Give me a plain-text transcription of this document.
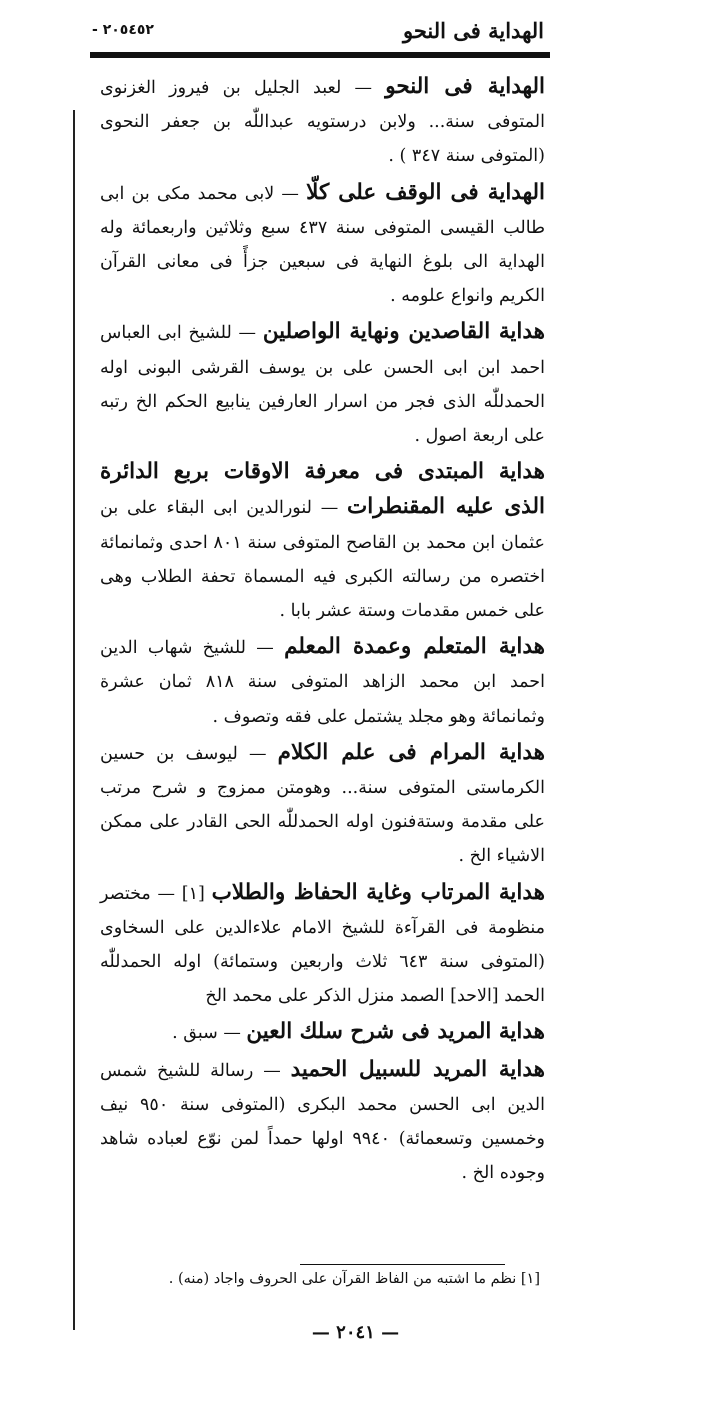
الهداية فى النحو
- ٢٠٥٤٥٢

الهداية فى النحو — لعبد الجليل بن فيروز الغزنوى المتوفى سنة... ولابن درستويه عبداللّٰه بن جعفر النحوى (المتوفى سنة ٣٤٧ ) .

الهداية فى الوقف على كلّا — لابى محمد مكى بن ابى طالب القيسى المتوفى سنة ٤٣٧ سبع وثلاثين واربعمائة وله الهداية الى بلوغ النهاية فى سبعين جزأً فى معانى القرآن الكريم وانواع علومه .

هداية القاصدين ونهاية الواصلين — للشيخ ابى العباس احمد ابن ابى الحسن على بن يوسف القرشى البونى اوله الحمدللّٰه الذى فجر من اسرار العارفين ينابيع الحكم الخ رتبه على اربعة اصول .

هداية المبتدى فى معرفة الاوقات بربع الدائرة الذى عليه المقنطرات — لنورالدين ابى البقاء على بن عثمان ابن محمد بن القاصح المتوفى سنة ٨٠١ احدى وثمانمائة اختصره من رسالته الكبرى فيه المسماة تحفة الطلاب وهى على خمس مقدمات وستة عشر بابا .

هداية المتعلم وعمدة المعلم — للشيخ شهاب الدين احمد ابن محمد الزاهد المتوفى سنة ٨١٨ ثمان عشرة وثمانمائة وهو مجلد يشتمل على فقه وتصوف .

هداية المرام فى علم الكلام — ليوسف بن حسين الكرماستى المتوفى سنة... وهومتن ممزوج و شرح مرتب على مقدمة وستةفنون اوله الحمدللّٰه الحى القادر على ممكن الاشياء الخ .

هداية المرتاب وغاية الحفاظ والطلاب [١] — مختصر منظومة فى القرآءة للشيخ الامام علاءالدين على السخاوى (المتوفى سنة ٦٤٣ ثلاث واربعين وستمائة) اوله الحمدللّٰه الحمد [الاحد] الصمد منزل الذكر على محمد الخ

هداية المريد فى شرح سلك العين — سبق .

هداية المريد للسبيل الحميد — رسالة للشيخ شمس الدين ابى الحسن محمد البكرى (المتوفى سنة ٩٥٠ نيف وخمسين وتسعمائة) ٩٩٤٠ اولها حمداً لمن نوّع لعباده شاهد وجوده الخ .

[١] نظم ما اشتبه من الفاظ القرآن على الحروف واجاد (منه) .
— ٢٠٤١ —
